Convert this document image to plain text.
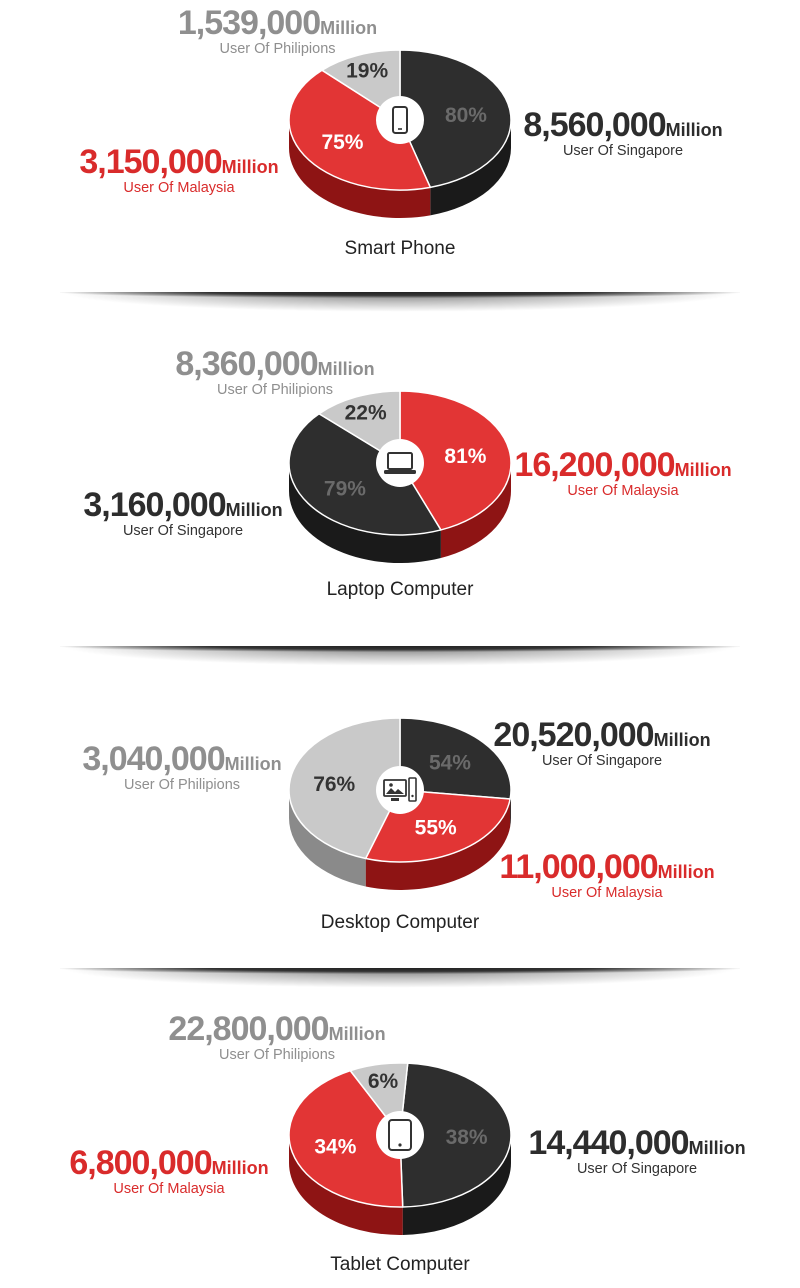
80%
75%
19%
1,539,000Million
User Of Philipions
3,150,000Million
User Of Malaysia
8,560,000Million
User Of Singapore
Smart Phone
81%
79%
22%
8,360,000Million
User Of Philipions
3,160,000Million
User Of Singapore
16,200,000Million
User Of Malaysia
Laptop Computer
54%
55%
76%
3,040,000Million
User Of Philipions
20,520,000Million
User Of Singapore
11,000,000Million
User Of Malaysia
Desktop Computer
38%
34%
6%
22,800,000Million
User Of Philipions
6,800,000Million
User Of Malaysia
14,440,000Million
User Of Singapore
Tablet Computer
